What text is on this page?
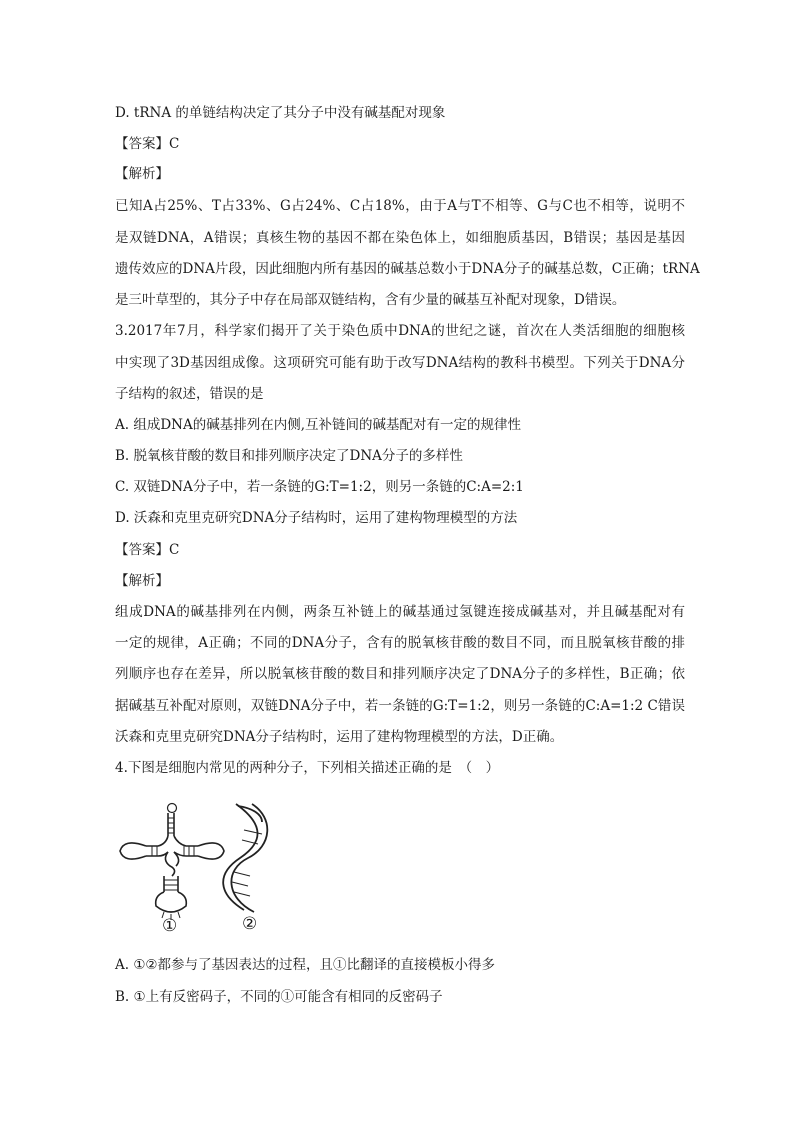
D. tRNA 的单链结构决定了其分子中没有碱基配对现象
【答案】C
【解析】
已知A占25%、T占33%、G占24%、C占18%，由于A与T不相等、G与C也不相等，说明不
是双链DNA，A错误；真核生物的基因不都在染色体上，如细胞质基因，B错误；基因是基因
遗传效应的DNA片段，因此细胞内所有基因的碱基总数小于DNA分子的碱基总数，C正确；tRNA
是三叶草型的，其分子中存在局部双链结构，含有少量的碱基互补配对现象，D错误。
3.2017年7月，科学家们揭开了关于染色质中DNA的世纪之谜，首次在人类活细胞的细胞核
中实现了3D基因组成像。这项研究可能有助于改写DNA结构的教科书模型。下列关于DNA分
子结构的叙述，错误的是
A. 组成DNA的碱基排列在内侧,互补链间的碱基配对有一定的规律性
B. 脱氧核苷酸的数目和排列顺序决定了DNA分子的多样性
C. 双链DNA分子中，若一条链的G:T=1:2，则另一条链的C:A=2:1
D. 沃森和克里克研究DNA分子结构时，运用了建构物理模型的方法
【答案】C
【解析】
组成DNA的碱基排列在内侧，两条互补链上的碱基通过氢键连接成碱基对，并且碱基配对有
一定的规律，A正确；不同的DNA分子，含有的脱氧核苷酸的数目不同，而且脱氧核苷酸的排
列顺序也存在差异，所以脱氧核苷酸的数目和排列顺序决定了DNA分子的多样性，B正确；依
据碱基互补配对原则，双链DNA分子中，若一条链的G:T=1:2，则另一条链的C:A=1:2 C错误
沃森和克里克研究DNA分子结构时，运用了建构物理模型的方法，D正确。
4.下图是细胞内常见的两种分子，下列相关描述正确的是　（　）
①	②
A. ①②都参与了基因表达的过程，且①比翻译的直接模板小得多
B. ①上有反密码子，不同的①可能含有相同的反密码子
